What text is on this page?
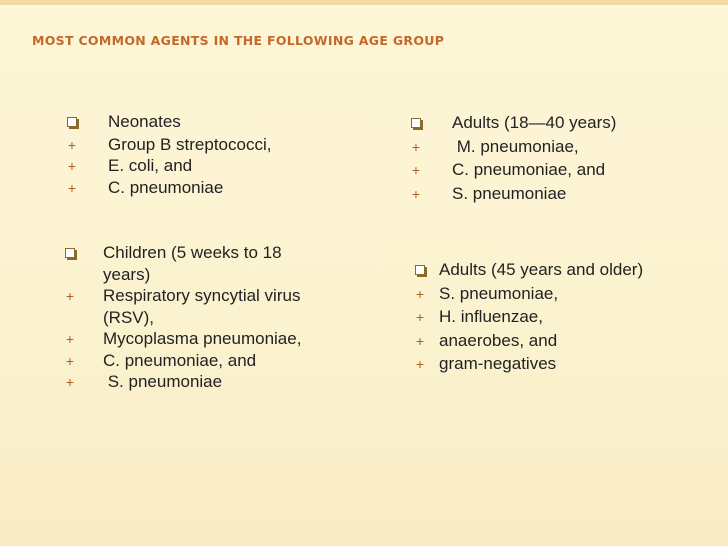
MOST COMMON AGENTS IN THE FOLLOWING AGE GROUP
Neonates
+	Group B streptococci,
+	E. coli, and
+	C. pneumoniae
Children (5 weeks to 18
years)
+	Respiratory syncytial virus
(RSV),
+	Mycoplasma pneumoniae,
+	C. pneumoniae, and
+	S. pneumoniae
Adults (18—40 years)
+	M. pneumoniae,
+	C. pneumoniae, and
+	S. pneumoniae
Adults (45 years and older)
+ S. pneumoniae,
+ H. influenzae,
+ anaerobes, and
+ gram-negatives
